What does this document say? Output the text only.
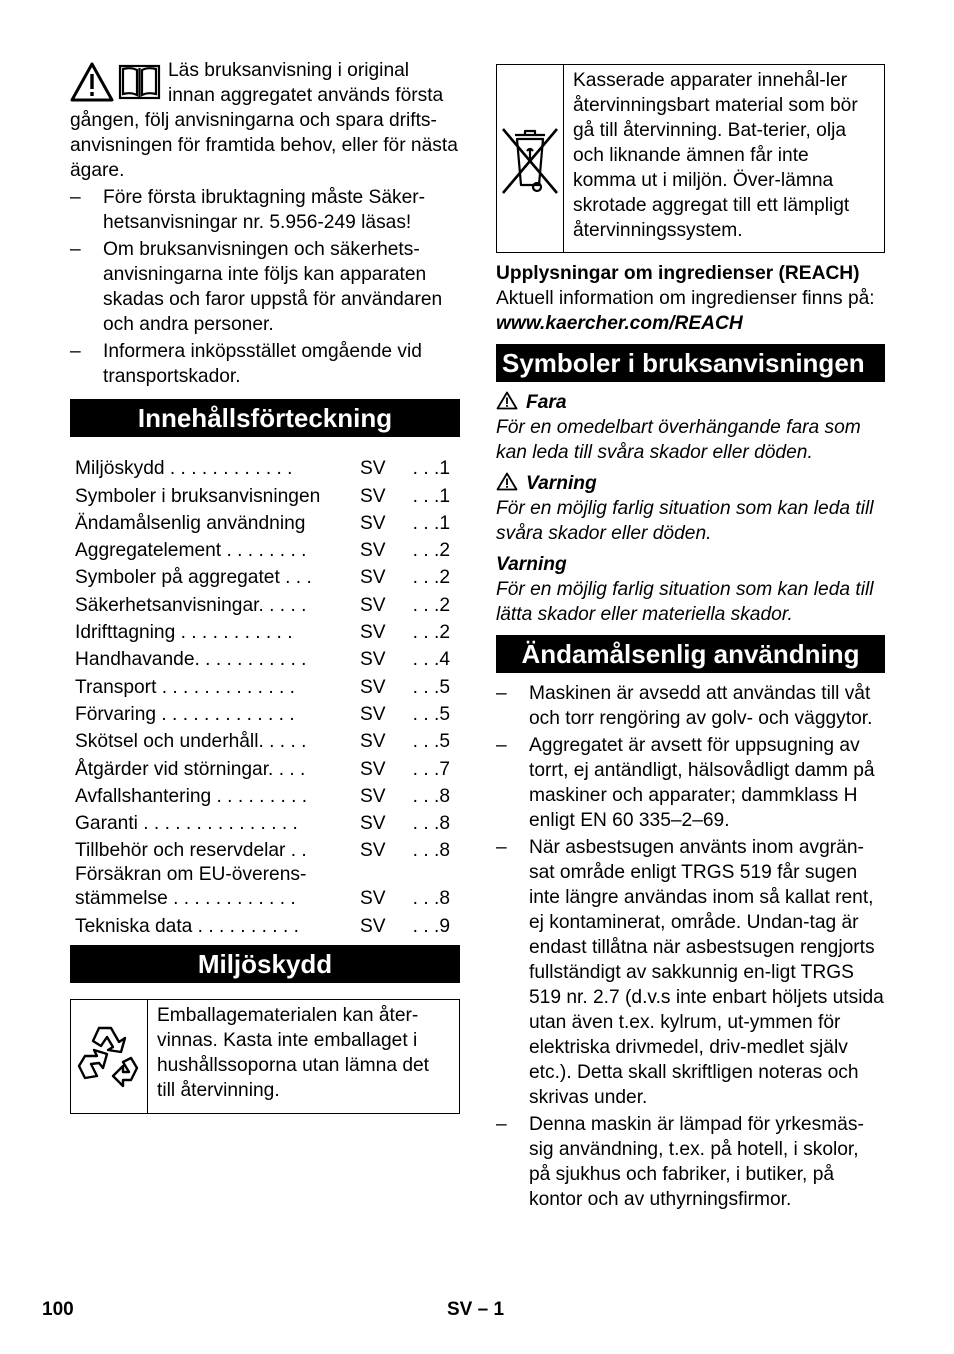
Läs bruksanvisning i original innan aggregatet används första gången, följ anvisningarna och spara drifts-anvisningen för framtida behov, eller för nästa ägare.

–	Före första ibruktagning måste Säker-hetsanvisningar nr. 5.956-249 läsas!
–	Om bruksanvisningen och säkerhets-anvisningarna inte följs kan apparaten skadas och faror uppstå för användaren och andra personer.
–	Informera inköpsstället omgående vid transportskador.
Innehållsförteckning
Miljöskydd . . . . . . . . . . . .	SV	. . .1
Symboler i bruksanvisningen	SV	. . .1
Ändamålsenlig användning	SV	. . .1
Aggregatelement . . . . . . . .	SV	. . .2
Symboler på aggregatet . . .	SV	. . .2
Säkerhetsanvisningar. . . . .	SV	. . .2
Idrifttagning . . . . . . . . . . .	SV	. . .2
Handhavande. . . . . . . . . . .	SV	. . .4
Transport . . . . . . . . . . . . .	SV	. . .5
Förvaring . . . . . . . . . . . . .	SV	. . .5
Skötsel och underhåll. . . . .	SV	. . .5
Åtgärder vid störningar. . . .	SV	. . .7
Avfallshantering . . . . . . . . .	SV	. . .8
Garanti . . . . . . . . . . . . . . .	SV	. . .8
Tillbehör och reservdelar . .	SV	. . .8
Försäkran om EU-överens-
stämmelse . . . . . . . . . . . .	SV	. . .8
Tekniska data . . . . . . . . . .	SV	. . .9
Miljöskydd
Emballagematerialen kan åter-vinnas. Kasta inte emballaget i hushållssoporna utan lämna det till återvinning.
Kasserade apparater innehål-ler återvinningsbart material som bör gå till återvinning. Bat-terier, olja och liknande ämnen får inte komma ut i miljön. Över-lämna skrotade aggregat till ett lämpligt återvinningssystem.

Upplysningar om ingredienser (REACH)

Aktuell information om ingredienser finns på:

www.kaercher.com/REACH

Symboler i bruksanvisningen

Fara

För en omedelbart överhängande fara som kan leda till svåra skador eller döden.

Varning

För en möjlig farlig situation som kan leda till svåra skador eller döden.

Varning

För en möjlig farlig situation som kan leda till lätta skador eller materiella skador.

Ändamålsenlig användning
–	Maskinen är avsedd att användas till våt och torr rengöring av golv- och väggytor.
–	Aggregatet är avsett för uppsugning av torrt, ej antändligt, hälsovådligt damm på maskiner och apparater; dammklass H enligt EN 60 335–2–69.
–	När asbestsugen använts inom avgrän-sat område enligt TRGS 519 får sugen inte längre användas inom så kallat rent, ej kontaminerat, område. Undan-tag är endast tillåtna när asbestsugen rengjorts fullständigt av sakkunnig en-ligt TRGS 519 nr. 2.7 (d.v.s inte enbart höljets utsida utan även t.ex. kylrum, ut-ymmen för elektriska drivmedel, driv-medlet själv etc.). Detta skall skriftligen noteras och skrivas under.
–	Denna maskin är lämpad för yrkesmäs-sig användning, t.ex. på hotell, i skolor, på sjukhus och fabriker, i butiker, på kontor och av uthyrningsfirmor.
100	SV – 1
